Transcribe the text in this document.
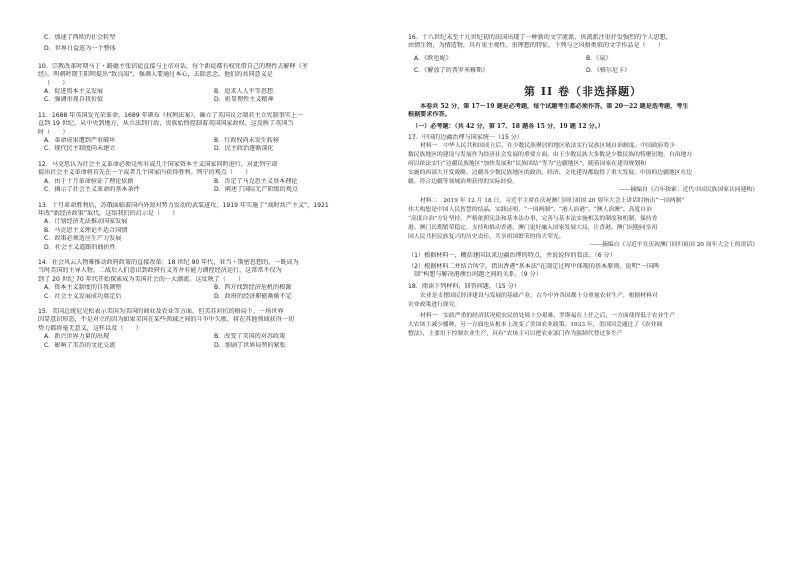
C．加速了西欧的社会转型
D．世界日益连为一个整体
10．宗教改革时期马丁・路德主张信徒直接与上帝对话，每个新徒都有权凭借自己的理性去解释《圣
经》。明朝时期王阳明提出“致良知”，强调人要通过本心，去除恶念。他们的共同意义是
（　　）
A．促进资本主义发展	B．追求人人平等思想
C．强调重视自我价值	D．彰显理性主义精神
11．1688 年英国发光荣革命，1689 年颁布《权利法案》，确立了英国议会制君主立宪制事实上一
直到 19 世纪，从中央到地方，从立法到行政，贵族始终控制着英国国家政权。这反映了英国当
时（　　）
A．革命成果遭到严重破坏	B．行政权尚未发生转移
C．现代民主制度尚未建立	D．民主政治逐渐深化
12．马克思认为社会主义革命必须是所有或几个国家资本主义国家同时进行，对此列宁却
提出社会主义革命将首先在一个或者几个国家内获得胜利。列宁的观点（　　）
A．由于十月革命验证了理论依据	B．否定了马克思主义基本理论
C．揭示了社会主义革命的基本条件	D．阐述了国际无产阶级的观点
13．十月革命胜利后，苏俄面临着国内外敌对势力发动的武装进攻，1919 年实施了“战时共产主义”，1921
年改“新经济政策”取代。这给我们的启示是（　　）
A．计划经济无法推动国家发展
B．马克思主义理论不适合国情
C．政策必须适应生产力发展
D．社会主义道路的曲折性
14．社会风云人物难推动政府政策的直接改革：18 世纪 90 年代，亚当・斯密思想的，一既成为
当时美国的主导人物。二战后人们意识到政府有义务并有能力调控经济运行，这常常不仅为
到了 20 世纪 70 年代开始探索成为美国社会的一大潮流。这反映了（　　）
A．资本主义制度的自我调整	B．西方找到经济危机的根源
C．社会主义发展成功奠定后	D．政府的经济职能渐渐不定
15．美国总统尼克松表示美国为美国的商业及农业等方面，但美苏对抗的格局下，一场世界
因显意识形态，不是对立的因为如果美国在某些领域之间的斗争中失败，将在其他领域获得一切
势力都将毫无意义，这样以及（　　）
A．新兴世界力量的出现	B．改变了美国的对苏政策
C．影响了美苏的文化交流	D．加剧了世界局势的紧张
16．十八世纪末至十九世纪初的法国出现了一种新的文学流派，该流派注重抒发强烈的个人思想，
由情生物，为情造物，具有重主观性、重理想的特征。下列与之风格类似的文学作品是（　　）
A．《欧也妮》	B．《泉》
C．《解放了的普罗米修斯》	D．《格尔尼卡》
第 II 卷（非选择题）
本卷共 52 分，第 17～19 题是必考题，每个试题考生都必须作答。第 20～22 题是选考题，考生
根据要求作答。
（一）必考题：（共 42 分，第 17、18 题各 15 分，19 题 12 分。）
17．中国的边疆治理与国家统一（15 分）
材料一　中华人民共和国成立后，在少数民族聚居的地区依法实行民族区域自治制度。中国政府将少
数民族地区的建设与发展作为经济社会发展的重要方面，由于少数民族大多数是少数民族的特聚居地，自治地方
府以依法实行“边疆民族地区”加快发展和“民族团结”等为“边疆地区”。随着国家在建设规划和
实施的西部大开发战略，边疆各少数民族地区的政治、经济、文化建设都取得了重大发展，中国的边疆地区在边
疆。符合边疆等领域治理获得的实际经验。
——摘编自《百年探索：近代中国民族国家认同建构》
材料二　2019 年 12 月 18 日，习近平主席在庆祝澳门回归祖国 20 周年大会上讲话时指出“一国两制”
伟大构想是中国人民智慧的结晶。实践证明，“一国两制”、“港人治港”、“澳人治澳”、高度自治
“高度自治”方针坚持，严格依照宪法和基本法办事，完善与基本法实施相关的制度和机制，保持香
港、澳门长期繁荣稳定，支持和推动香港、澳门更好融入国家发展大局，让香港、澳门同胞同享祖
国人民共担民族复兴的历史责任、共享祖国繁荣的伟大荣光。
——摘编自《习近平在庆祝澳门回归祖国 20 周年大会上的讲话》
（1）根据材料一，概括建国以来边疆治理的特点，并说说你的看法。（6 分）
（2）根据材料二并结合所学，指出香港“基本法”在制定过程中体现的基本原则。说明“一国两
制”构想与解决港澳台问题之间的关系。（9 分）
18．阅读下列材料，回答问题。（15 分）
农业是支撑国民经济建设与发展的基础产业，古今中外各国都十分重视农业生产，根据材料对
农业政策进行探究。
材料一　实政严重的经济状况使农民的处境十分艰难，罗斯福在上任之后，一方面使得低于农业生产
大农场主减少播种，另一方面也从根本上改变了美国农业政策。1933 年，美国国会通过了《农业调
整法》，主要用于控制农业生产，具有“农场主可以把农业部门作为强制代替过多生产
